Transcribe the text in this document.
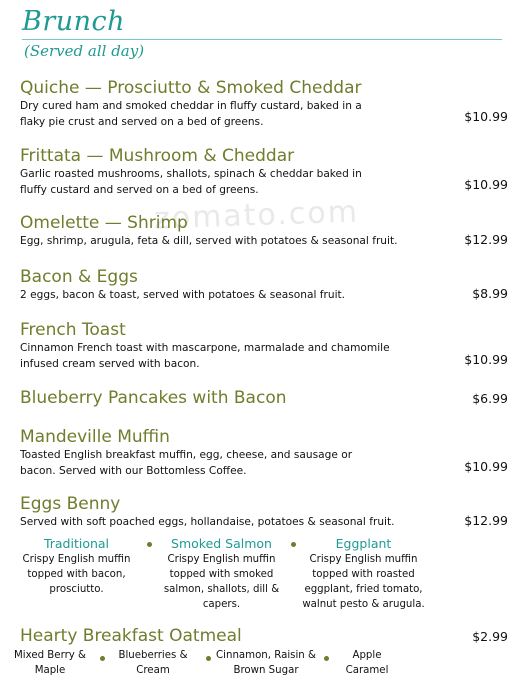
Brunch
(Served all day)
zomato.com
Quiche — Prosciutto & Smoked Cheddar
Dry cured ham and smoked cheddar in fluffy custard, baked in a flaky pie crust and served on a bed of greens.	$10.99
Frittata — Mushroom & Cheddar
Garlic roasted mushrooms, shallots, spinach & cheddar baked in fluffy custard and served on a bed of greens.	$10.99
Omelette — Shrimp
Egg, shrimp, arugula, feta & dill, served with potatoes & seasonal fruit.	$12.99
Bacon & Eggs
2 eggs, bacon & toast, served with potatoes & seasonal fruit.	$8.99
French Toast
Cinnamon French toast with mascarpone, marmalade and chamomile infused cream served with bacon.	$10.99
Blueberry Pancakes with Bacon	$6.99
Mandeville Muffin
Toasted English breakfast muffin, egg, cheese, and sausage or bacon. Served with our Bottomless Coffee.	$10.99
Eggs Benny
Served with soft poached eggs, hollandaise, potatoes & seasonal fruit.	$12.99
Traditional
Crispy English muffin topped with bacon, prosciutto.
Smoked Salmon
Crispy English muffin topped with smoked salmon, shallots, dill & capers.
Eggplant
Crispy English muffin topped with roasted eggplant, fried tomato, walnut pesto & arugula.
Hearty Breakfast Oatmeal	$2.99
Mixed Berry & Maple
Blueberries & Cream
Cinnamon, Raisin & Brown Sugar
Apple Caramel
